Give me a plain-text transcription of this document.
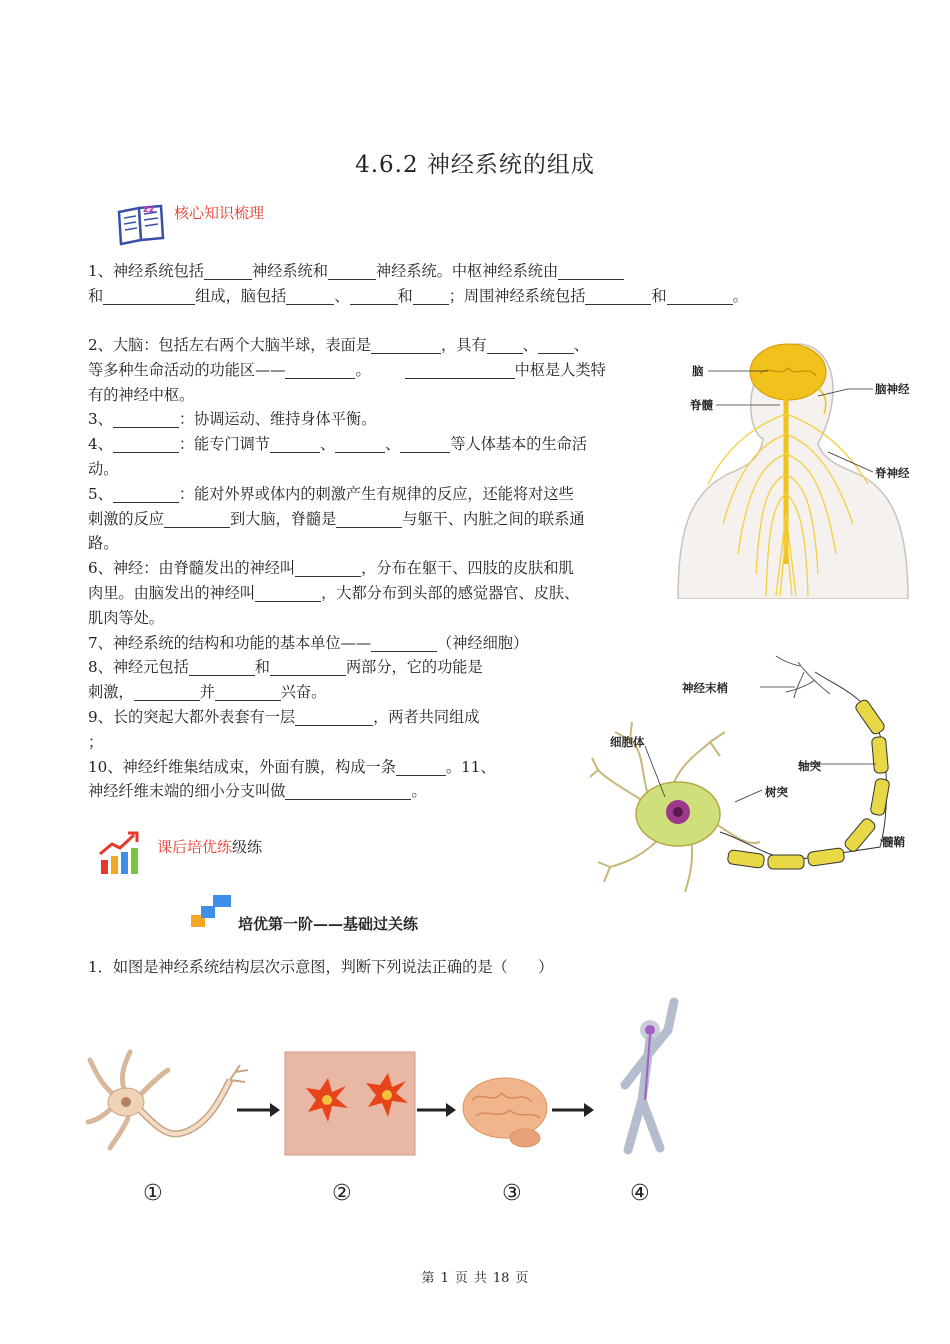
4.6.2 神经系统的组成
zz 核心知识梳理
1、神经系统包括	神经系统和	神经系统。中枢神经系统由
和	组成，脑包括	、	和 ；周围神经系统包括	和	。
2、大脑：包括左右两个大脑半球，表面是	，具有 、 、
等多种生命活动的功能区——	。	中枢是人类特
有的神经中枢。
3、	：协调运动、维持身体平衡。
4、	：能专门调节	、	、	等人体基本的生命活
动。
5、	：能对外界或体内的刺激产生有规律的反应，还能将对这些
刺激的反应	到大脑，脊髓是	与躯干、内脏之间的联系通
路。
6、神经：由脊髓发出的神经叫	，分布在躯干、四肢的皮肤和肌
肉里。由脑发出的神经叫	，大都分布到头部的感觉器官、皮肤、
肌肉等处。
7、神经系统的结构和功能的基本单位——	（神经细胞）
8、神经元包括	和	两部分，它的功能是
刺激，	并	兴奋。
9、长的突起大都外表套有一层	，两者共同组成
；
10、神经纤维集结成束，外面有膜，构成一条	。11、
神经纤维末端的细小分支叫做	。
脑
脊髓
脑神经
脊神经
神经末梢
细胞体
轴突
树突
髓鞘
课后培优练级练
培优第一阶——基础过关练
1．如图是神经系统结构层次示意图，判断下列说法正确的是（　　）
①	②	③	④
第 1 页 共 18 页
